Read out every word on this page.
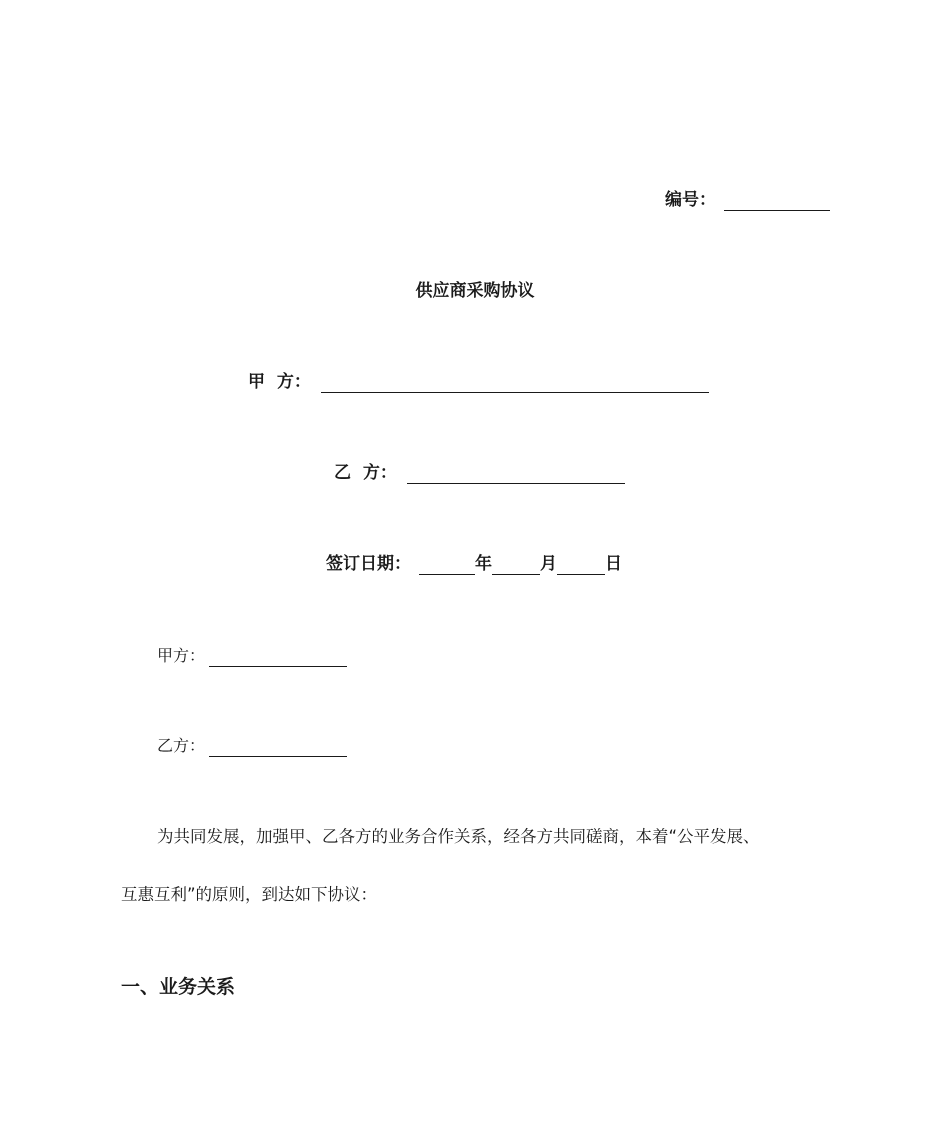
编号：
供应商采购协议
甲  方：
乙  方：
签订日期：	年	月	日
甲方：
乙方：
为共同发展，加强甲、乙各方的业务合作关系，经各方共同磋商，本着“公平发展、
互惠互利”的原则，到达如下协议：
一、业务关系
